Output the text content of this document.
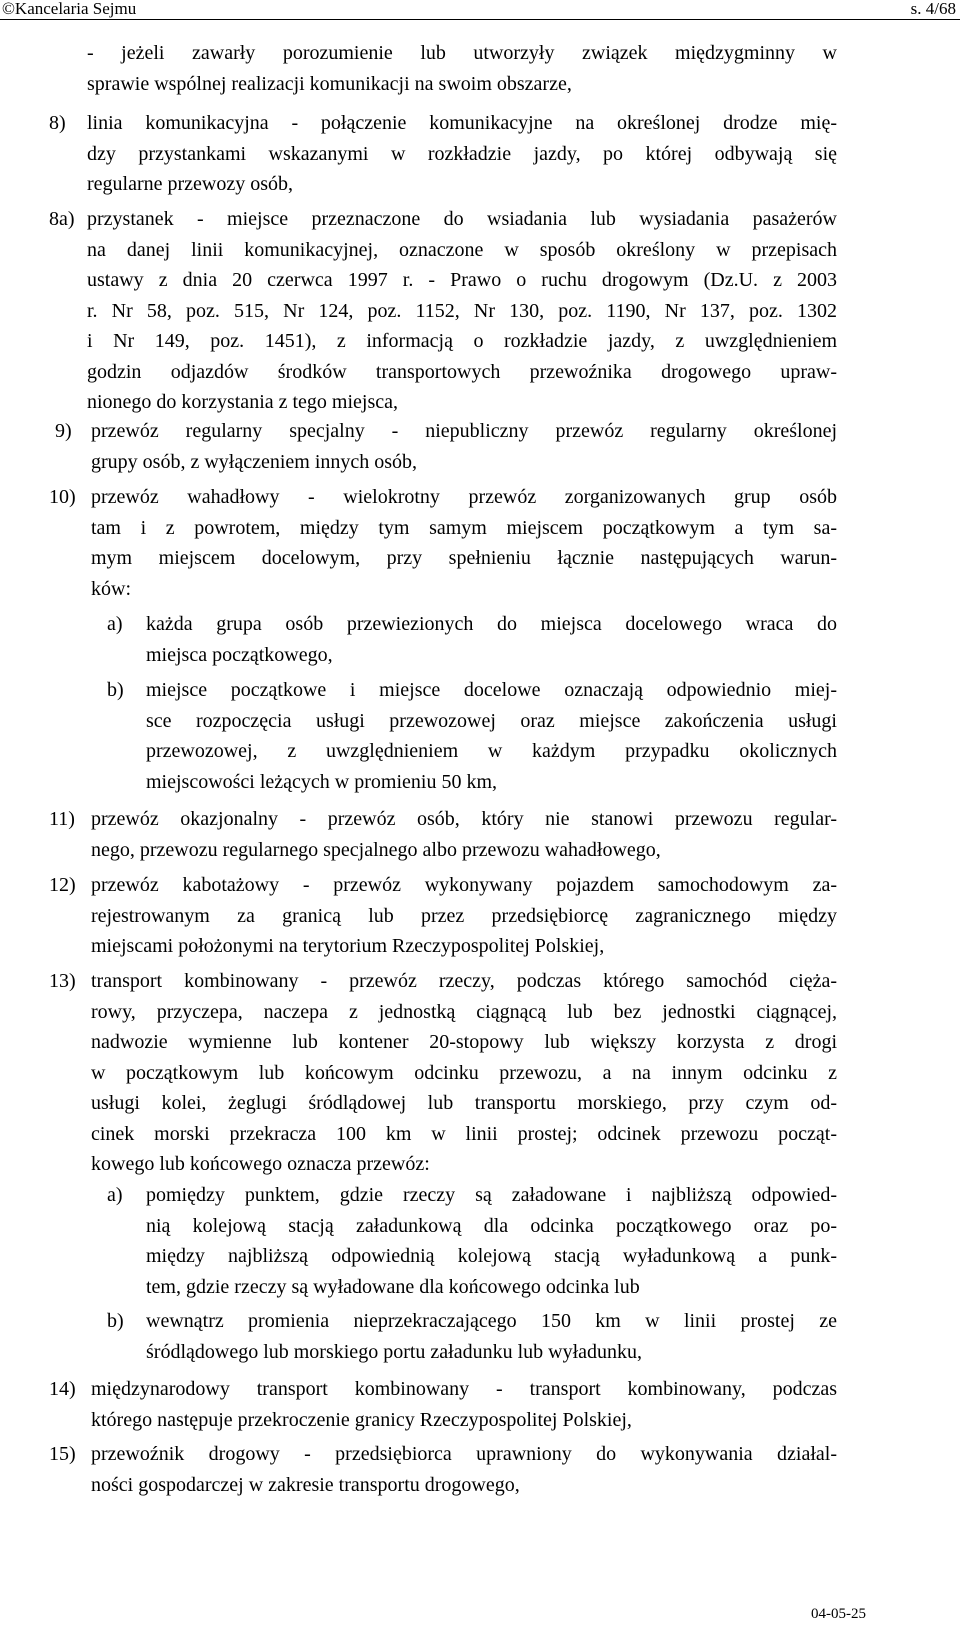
©Kancelaria Sejmu	s. 4/68
- jeżeli zawarły porozumienie lub utworzyły związek międzygminny w
sprawie wspólnej realizacji komunikacji na swoim obszarze,
8) linia komunikacyjna - połączenie komunikacyjne na określonej drodze mię-
dzy przystankami wskazanymi w rozkładzie jazdy, po której odbywają się
regularne przewozy osób,
8a) przystanek - miejsce przeznaczone do wsiadania lub wysiadania pasażerów
na danej linii komunikacyjnej, oznaczone w sposób określony w przepisach
ustawy z dnia 20 czerwca 1997 r. - Prawo o ruchu drogowym (Dz.U. z 2003
r. Nr 58, poz. 515, Nr 124, poz. 1152, Nr 130, poz. 1190, Nr 137, poz. 1302
i Nr 149, poz. 1451), z informacją o rozkładzie jazdy, z uwzględnieniem
godzin odjazdów środków transportowych przewoźnika drogowego upraw-
nionego do korzystania z tego miejsca,
9) przewóz regularny specjalny - niepubliczny przewóz regularny określonej
grupy osób, z wyłączeniem innych osób,
10) przewóz wahadłowy - wielokrotny przewóz zorganizowanych grup osób
tam i z powrotem, między tym samym miejscem początkowym a tym sa-
mym miejscem docelowym, przy spełnieniu łącznie następujących warun-
ków:
a) każda grupa osób przewiezionych do miejsca docelowego wraca do
miejsca początkowego,
b) miejsce początkowe i miejsce docelowe oznaczają odpowiednio miej-
sce rozpoczęcia usługi przewozowej oraz miejsce zakończenia usługi
przewozowej, z uwzględnieniem w każdym przypadku okolicznych
miejscowości leżących w promieniu 50 km,
11) przewóz okazjonalny - przewóz osób, który nie stanowi przewozu regular-
nego, przewozu regularnego specjalnego albo przewozu wahadłowego,
12) przewóz kabotażowy - przewóz wykonywany pojazdem samochodowym za-
rejestrowanym za granicą lub przez przedsiębiorcę zagranicznego między
miejscami położonymi na terytorium Rzeczypospolitej Polskiej,
13) transport kombinowany - przewóz rzeczy, podczas którego samochód cięża-
rowy, przyczepa, naczepa z jednostką ciągnącą lub bez jednostki ciągnącej,
nadwozie wymienne lub kontener 20-stopowy lub większy korzysta z drogi
w początkowym lub końcowym odcinku przewozu, a na innym odcinku z
usługi kolei, żeglugi śródlądowej lub transportu morskiego, przy czym od-
cinek morski przekracza 100 km w linii prostej; odcinek przewozu począt-
kowego lub końcowego oznacza przewóz:
a) pomiędzy punktem, gdzie rzeczy są załadowane i najbliższą odpowied-
nią kolejową stacją załadunkową dla odcinka początkowego oraz po-
między najbliższą odpowiednią kolejową stacją wyładunkową a punk-
tem, gdzie rzeczy są wyładowane dla końcowego odcinka lub
b) wewnątrz promienia nieprzekraczającego 150 km w linii prostej ze
śródlądowego lub morskiego portu załadunku lub wyładunku,
14) międzynarodowy transport kombinowany - transport kombinowany, podczas
którego następuje przekroczenie granicy Rzeczypospolitej Polskiej,
15) przewoźnik drogowy - przedsiębiorca uprawniony do wykonywania działal-
ności gospodarczej w zakresie transportu drogowego,
04-05-25
